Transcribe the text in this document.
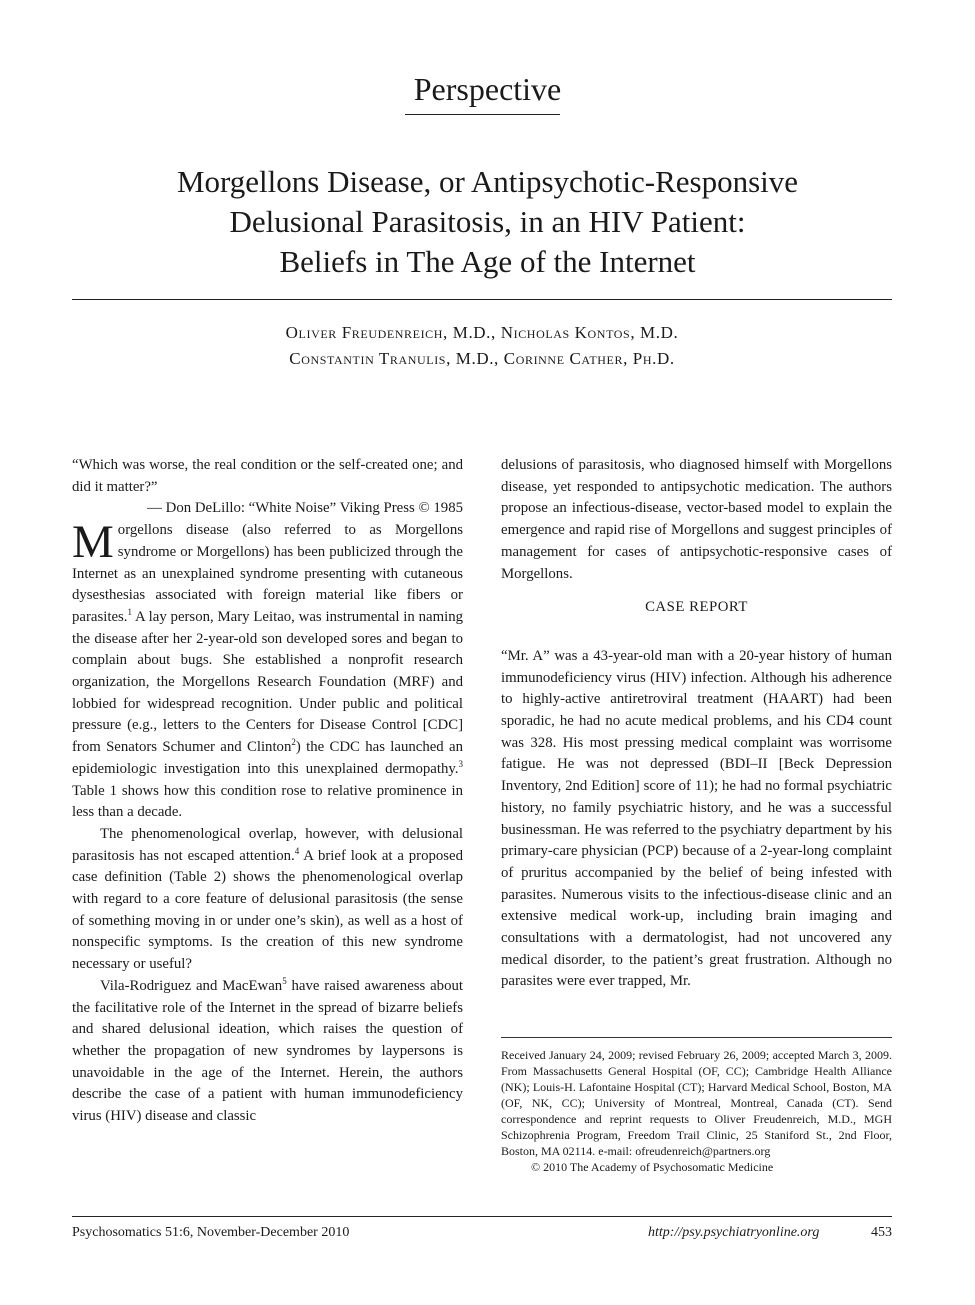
Perspective
Morgellons Disease, or Antipsychotic-Responsive
Delusional Parasitosis, in an HIV Patient:
Beliefs in The Age of the Internet
Oliver Freudenreich, M.D., Nicholas Kontos, M.D.
Constantin Tranulis, M.D., Corinne Cather, Ph.D.

“Which was worse, the real condition or the self-created one; and did it matter?”

— Don DeLillo: “White Noise” Viking Press © 1985

Morgellons disease (also referred to as Morgellons syndrome or Morgellons) has been publicized through the Internet as an unexplained syndrome presenting with cutaneous dysesthesias associated with foreign material like fibers or parasites.$^1$ A lay person, Mary Leitao, was instrumental in naming the disease after her 2-year-old son developed sores and began to complain about bugs. She established a nonprofit research organization, the Morgellons Research Foundation (MRF) and lobbied for widespread recognition. Under public and political pressure (e.g., letters to the Centers for Disease Control [CDC] from Senators Schumer and Clinton$^2$) the CDC has launched an epidemiologic investigation into this unexplained dermopathy.$^3$ Table 1 shows how this condition rose to relative prominence in less than a decade.

The phenomenological overlap, however, with delusional parasitosis has not escaped attention.$^4$ A brief look at a proposed case definition (Table 2) shows the phenomenological overlap with regard to a core feature of delusional parasitosis (the sense of something moving in or under one’s skin), as well as a host of nonspecific symptoms. Is the creation of this new syndrome necessary or useful?

Vila-Rodriguez and MacEwan$^5$ have raised awareness about the facilitative role of the Internet in the spread of bizarre beliefs and shared delusional ideation, which raises the question of whether the propagation of new syndromes by laypersons is unavoidable in the age of the Internet. Herein, the authors describe the case of a patient with human immunodeficiency virus (HIV) disease and classic

delusions of parasitosis, who diagnosed himself with Morgellons disease, yet responded to antipsychotic medication. The authors propose an infectious-disease, vector-based model to explain the emergence and rapid rise of Morgellons and suggest principles of management for cases of antipsychotic-responsive cases of Morgellons.

CASE REPORT

“Mr. A” was a 43-year-old man with a 20-year history of human immunodeficiency virus (HIV) infection. Although his adherence to highly-active antiretroviral treatment (HAART) had been sporadic, he had no acute medical problems, and his CD4 count was 328. His most pressing medical complaint was worrisome fatigue. He was not depressed (BDI–II [Beck Depression Inventory, 2nd Edition] score of 11); he had no formal psychiatric history, no family psychiatric history, and he was a successful businessman. He was referred to the psychiatry department by his primary-care physician (PCP) because of a 2-year-long complaint of pruritus accompanied by the belief of being infested with parasites. Numerous visits to the infectious-disease clinic and an extensive medical work-up, including brain imaging and consultations with a dermatologist, had not uncovered any medical disorder, to the patient’s great frustration. Although no parasites were ever trapped, Mr.

Received January 24, 2009; revised February 26, 2009; accepted March 3, 2009. From Massachusetts General Hospital (OF, CC); Cambridge Health Alliance (NK); Louis-H. Lafontaine Hospital (CT); Harvard Medical School, Boston, MA (OF, NK, CC); University of Montreal, Montreal, Canada (CT). Send correspondence and reprint requests to Oliver Freudenreich, M.D., MGH Schizophrenia Program, Freedom Trail Clinic, 25 Staniford St., 2nd Floor, Boston, MA 02114. e-mail: ofreudenreich@partners.org

© 2010 The Academy of Psychosomatic Medicine

Psychosomatics 51:6, November-December 2010	http://psy.psychiatryonline.org	453
